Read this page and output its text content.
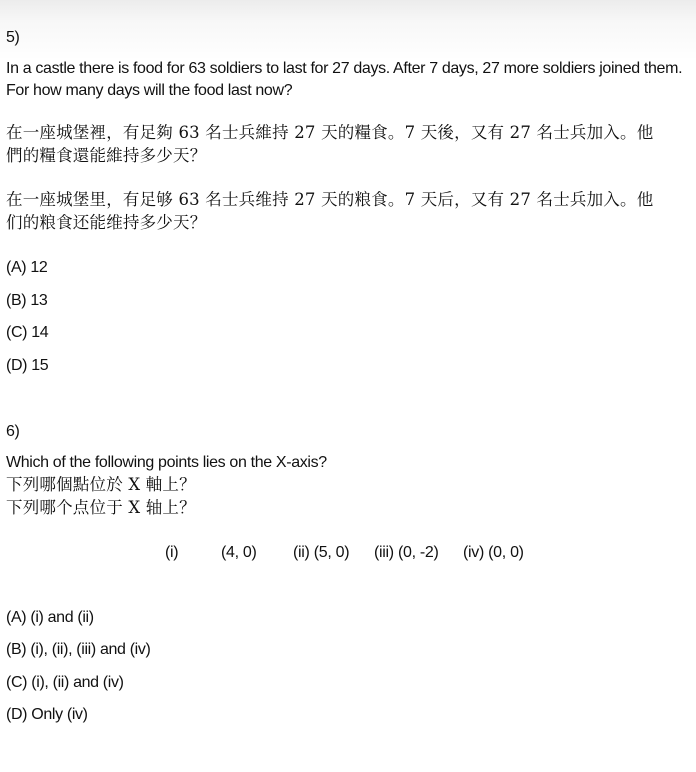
5)
In a castle there is food for 63 soldiers to last for 27 days. After 7 days, 27 more soldiers joined them.
For how many days will the food last now?
在一座城堡裡，有足夠 63 名士兵維持 27 天的糧食。7 天後，又有 27 名士兵加入。他
們的糧食還能維持多少天？
在一座城堡里，有足够 63 名士兵维持 27 天的粮食。7 天后，又有 27 名士兵加入。他
们的粮食还能维持多少天？
(A) 12
(B) 13
(C) 14
(D) 15
6)
Which of the following points lies on the X-axis?
下列哪個點位於 X 軸上？
下列哪个点位于 X 轴上？
(i)	(4, 0) (ii) (5, 0) (iii) (0, -2) (iv) (0, 0)
(A) (i) and (ii)
(B) (i), (ii), (iii) and (iv)
(C) (i), (ii) and (iv)
(D) Only (iv)
